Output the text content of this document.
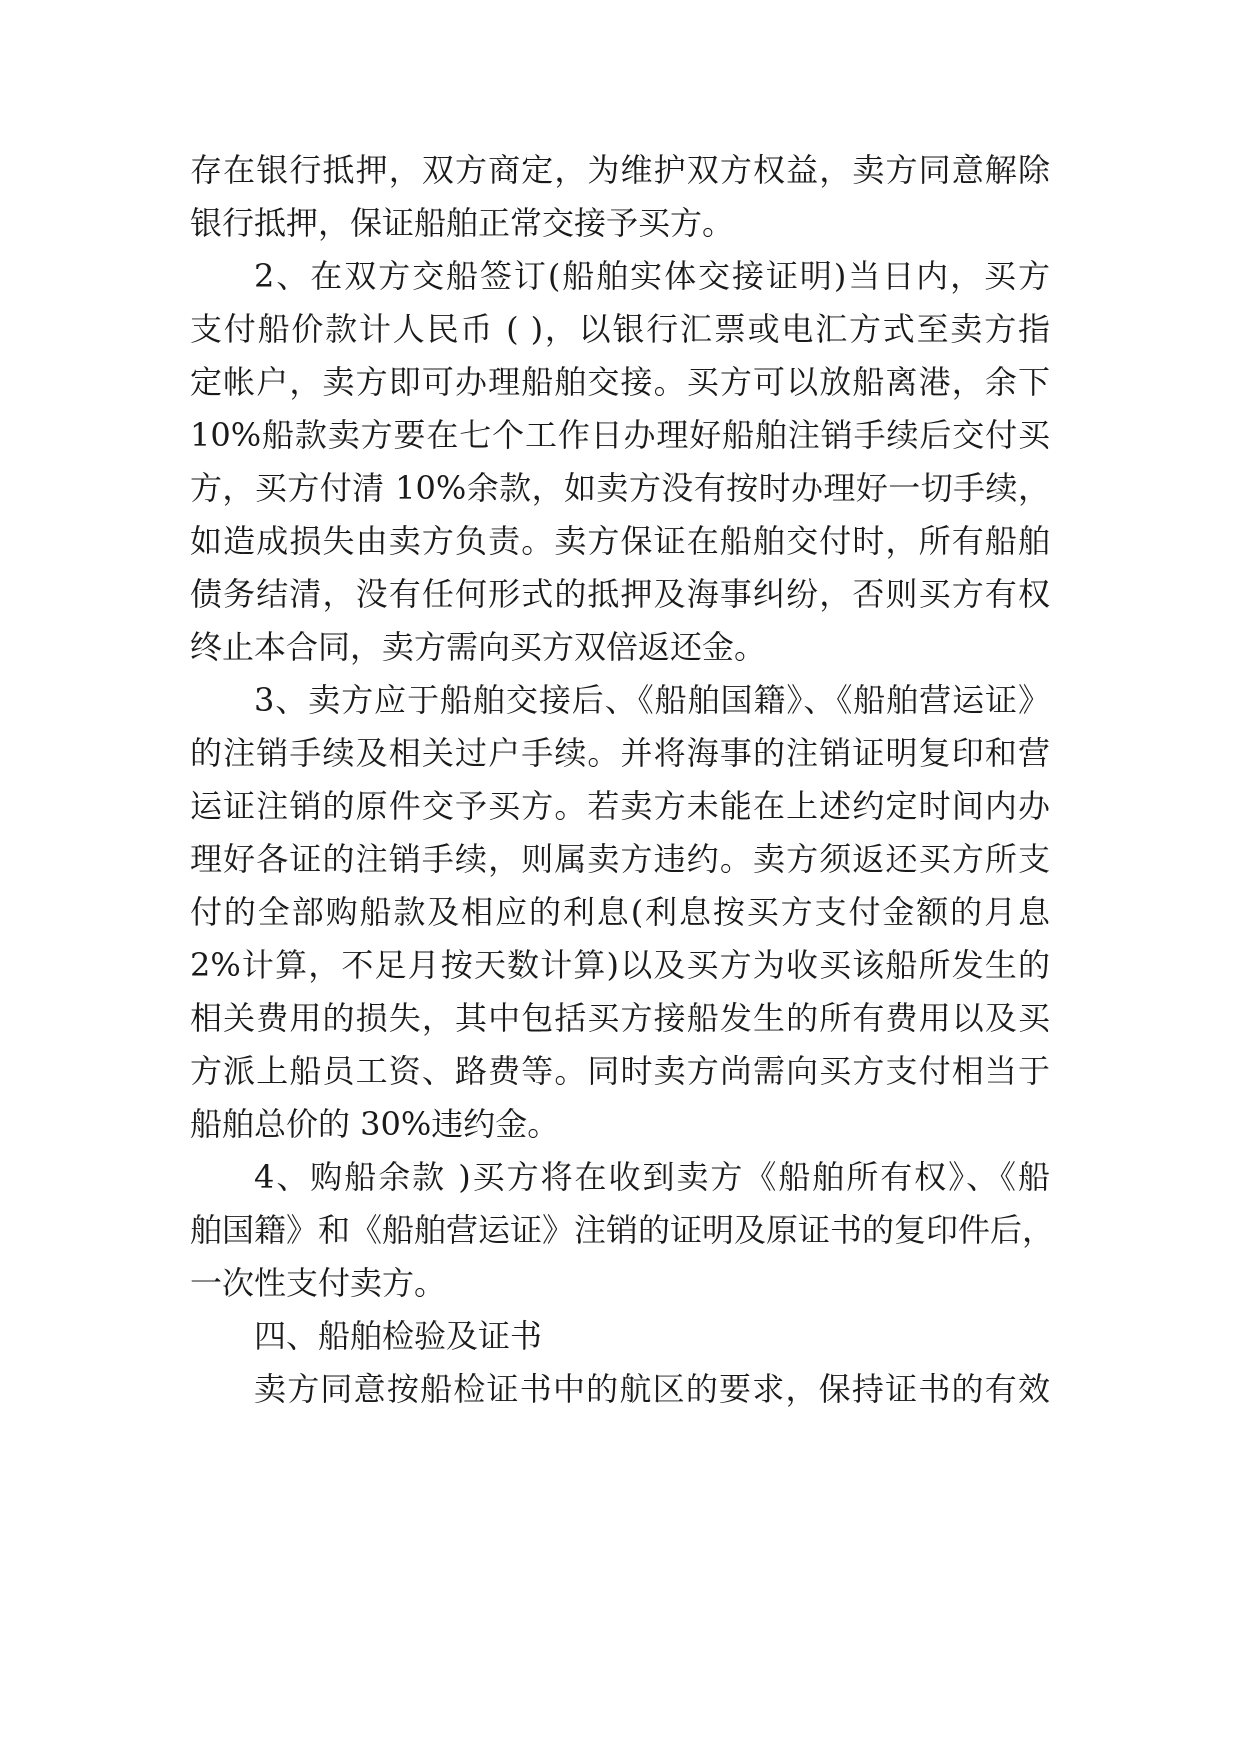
存在银行抵押，双方商定，为维护双方权益，卖方同意解除
银行抵押，保证船舶正常交接予买方。
2、在双方交船签订(船舶实体交接证明)当日内，买方
支付船价款计人民币 ( )，以银行汇票或电汇方式至卖方指
定帐户，卖方即可办理船舶交接。买方可以放船离港，余下
10%船款卖方要在七个工作日办理好船舶注销手续后交付买
方，买方付清 10%余款，如卖方没有按时办理好一切手续，
如造成损失由卖方负责。卖方保证在船舶交付时，所有船舶
债务结清，没有任何形式的抵押及海事纠纷，否则买方有权
终止本合同，卖方需向买方双倍返还金。
3、卖方应于船舶交接后、《船舶国籍》、《船舶营运证》
的注销手续及相关过户手续。并将海事的注销证明复印和营
运证注销的原件交予买方。若卖方未能在上述约定时间内办
理好各证的注销手续，则属卖方违约。卖方须返还买方所支
付的全部购船款及相应的利息(利息按买方支付金额的月息
2%计算，不足月按天数计算)以及买方为收买该船所发生的
相关费用的损失，其中包括买方接船发生的所有费用以及买
方派上船员工资、路费等。同时卖方尚需向买方支付相当于
船舶总价的 30%违约金。
4、购船余款 )买方将在收到卖方《船舶所有权》、《船
舶国籍》和《船舶营运证》注销的证明及原证书的复印件后，
一次性支付卖方。
四、船舶检验及证书
卖方同意按船检证书中的航区的要求，保持证书的有效
